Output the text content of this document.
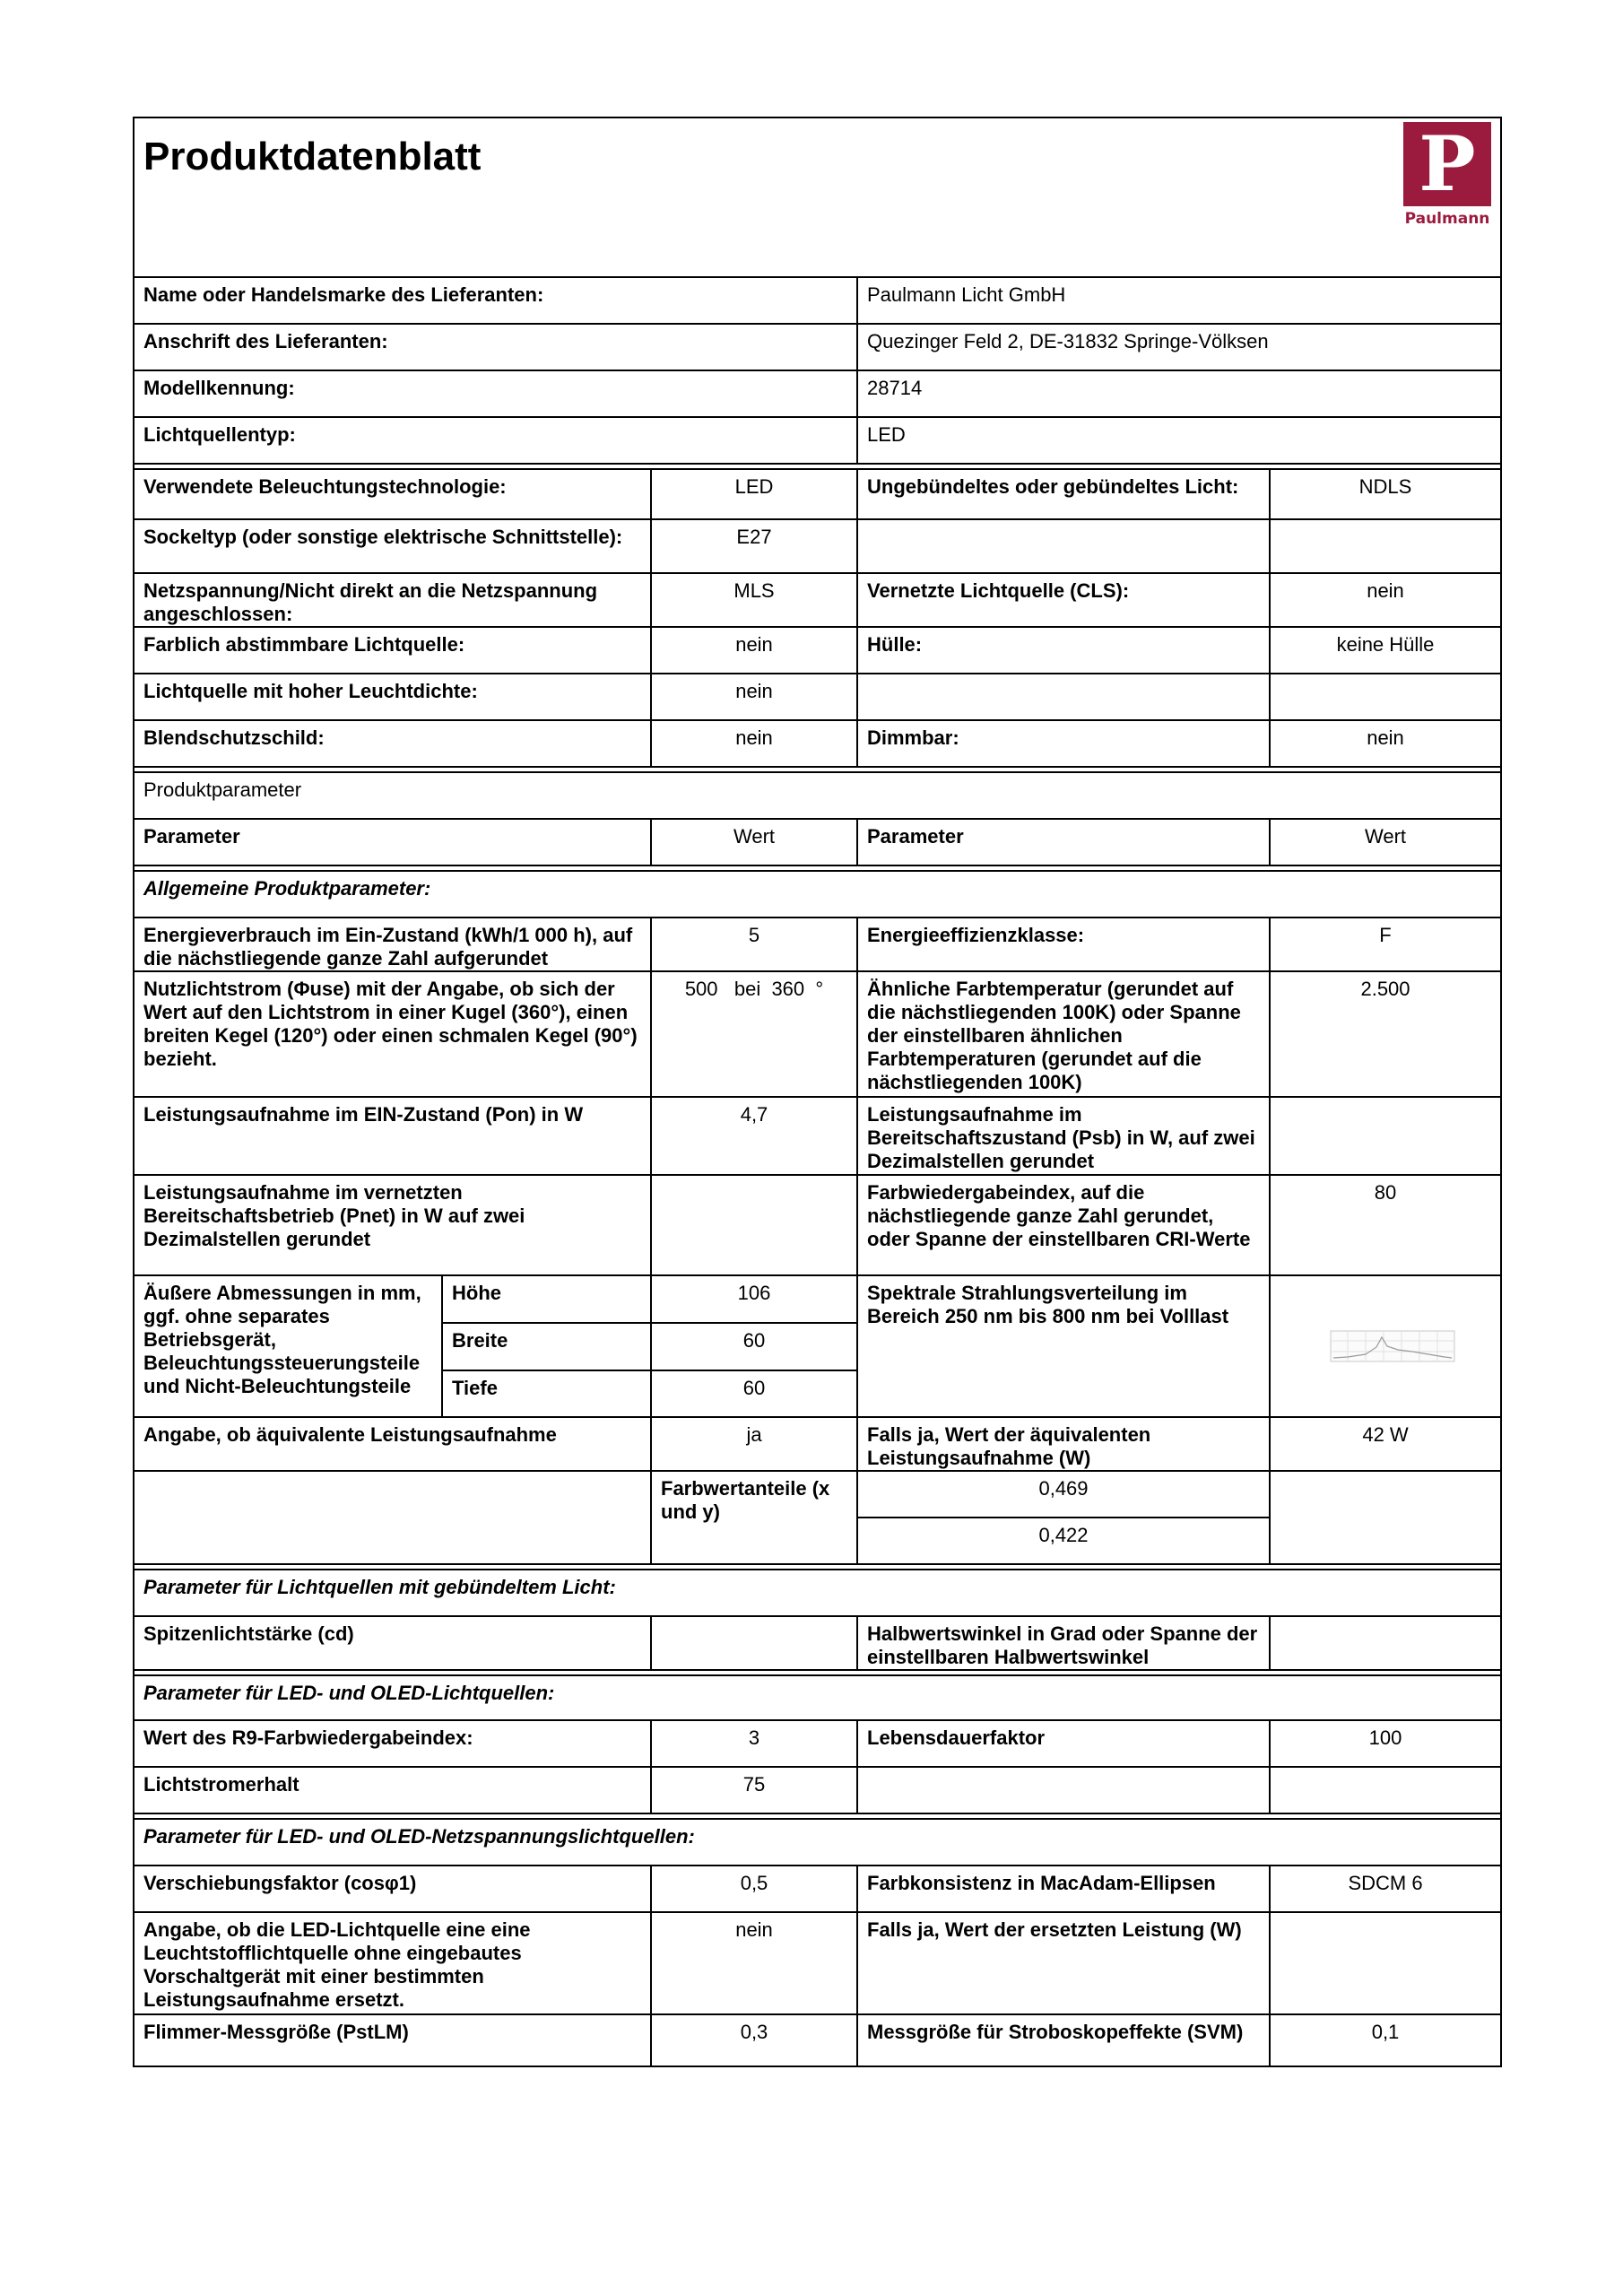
Produktdatenblatt P
Paulmann				

Name oder Handelsmarke des Lieferanten:			Paulmann Licht GmbH	
Anschrift des Lieferanten:			Quezinger Feld 2, DE-31832 Springe-Völksen	
Modellkennung:			28714	
Lichtquellentyp:			LED	

Verwendete Beleuchtungstechnologie:		LED	Ungebündeltes oder gebündeltes Licht:	NDLS
Sockeltyp (oder sonstige elektrische Schnittstelle):		E27		
Netzspannung/Nicht direkt an die Netzspannung angeschlossen:		MLS	Vernetzte Lichtquelle (CLS):	nein
Farblich abstimmbare Lichtquelle:		nein	Hülle:	keine Hülle
Lichtquelle mit hoher Leuchtdichte:		nein		
Blendschutzschild:		nein	Dimmbar:	nein

Produktparameter				
Parameter		Wert	Parameter	Wert

Allgemeine Produktparameter:				
Energieverbrauch im Ein-Zustand (kWh/1 000 h), auf die nächstliegende ganze Zahl aufgerundet		5	Energieeffizienzklasse:	F
Nutzlichtstrom (Φuse) mit der Angabe, ob sich der Wert auf den Lichtstrom in einer Kugel (360°), einen breiten Kegel (120°) oder einen schmalen Kegel (90°) bezieht.		500   bei  360  °	Ähnliche Farbtemperatur (gerundet auf die nächstliegenden 100K) oder Spanne der einstellbaren ähnlichen Farbtemperaturen (gerundet auf die nächstliegenden 100K)	2.500
Leistungsaufnahme im EIN-Zustand (Pon) in W		4,7	Leistungsaufnahme im Bereitschaftszustand (Psb) in W, auf zwei Dezimalstellen gerundet	
Leistungsaufnahme im vernetzten Bereitschaftsbetrieb (Pnet) in W auf zwei Dezimalstellen gerundet			Farbwiedergabeindex, auf die nächstliegende ganze Zahl gerundet, oder Spanne der einstellbaren CRI-Werte	80
Äußere Abmessungen in mm, ggf. ohne separates Betriebsgerät, Beleuchtungssteuerungsteile und Nicht-Beleuchtungsteile	Höhe	106	Spektrale Strahlungsverteilung im Bereich 250 nm bis 800 nm bei Volllast	
	Breite	60		
	Tiefe	60		
Angabe, ob äquivalente Leistungsaufnahme		ja	Falls ja, Wert der äquivalenten Leistungsaufnahme (W)	42 W
		Farbwertanteile (x und y)	0,469	
			0,422	

Parameter für Lichtquellen mit gebündeltem Licht:				
Spitzenlichtstärke (cd)			Halbwertswinkel in Grad oder Spanne der einstellbaren Halbwertswinkel	

Parameter für LED- und OLED-Lichtquellen:				
Wert des R9-Farbwiedergabeindex:		3	Lebensdauerfaktor	100
Lichtstromerhalt		75		

Parameter für LED- und OLED-Netzspannungslichtquellen:				
Verschiebungsfaktor (cosφ1)		0,5	Farbkonsistenz in MacAdam-Ellipsen	SDCM 6
Angabe, ob die LED-Lichtquelle eine eine Leuchtstofflichtquelle ohne eingebautes Vorschaltgerät mit einer bestimmten Leistungsaufnahme ersetzt.		nein	Falls ja, Wert der ersetzten Leistung (W)	
Flimmer-Messgröße (PstLM)		0,3	Messgröße für Stroboskopeffekte (SVM)	0,1
